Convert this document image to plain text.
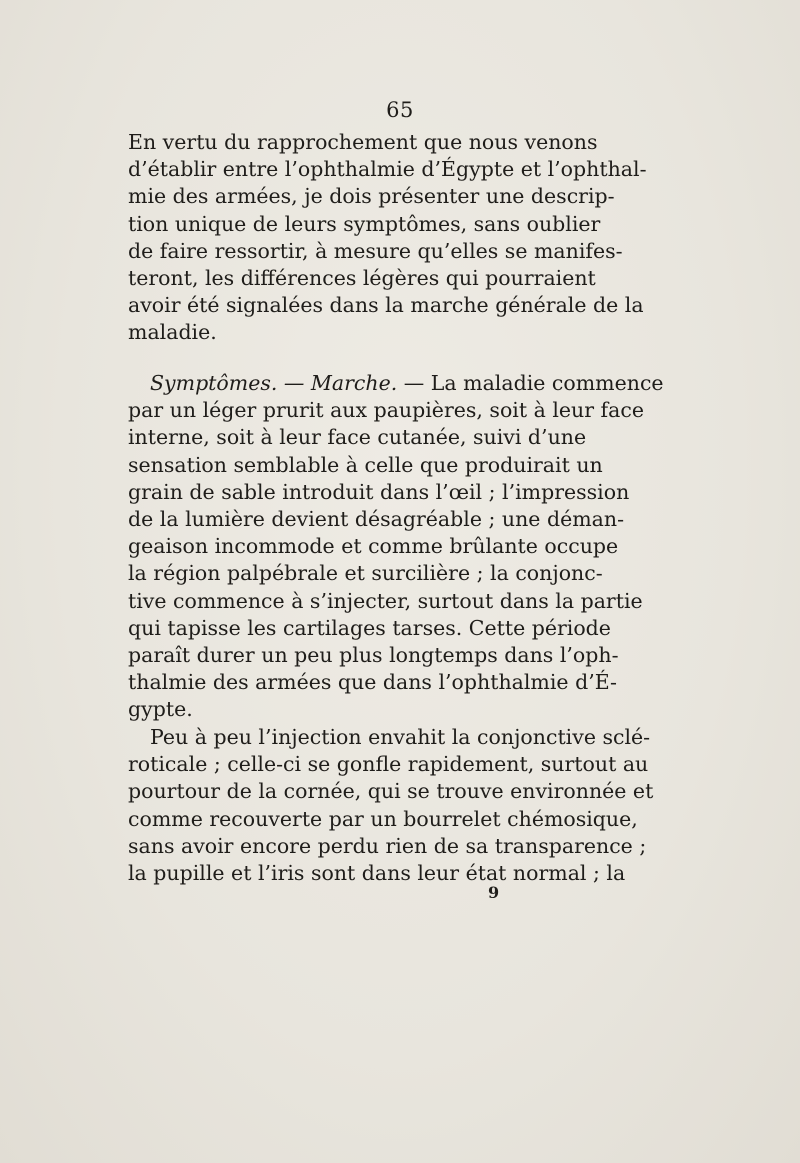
65
En vertu du rapprochement que nous venons
d’établir entre l’ophthalmie d’Égypte et l’ophthal-
mie des armées, je dois présenter une descrip-
tion unique de leurs symptômes, sans oublier
de faire ressortir, à mesure qu’elles se manifes-
teront, les différences légères qui pourraient
avoir été signalées dans la marche générale de la
maladie.
Symptômes. — Marche. — La maladie commence
par un léger prurit aux paupières, soit à leur face
interne, soit à leur face cutanée, suivi d’une
sensation semblable à celle que produirait un
grain de sable introduit dans l’œil ; l’impression
de la lumière devient désagréable ; une déman-
geaison incommode et comme brûlante occupe
la région palpébrale et surcilière ; la conjonc-
tive commence à s’injecter, surtout dans la partie
qui tapisse les cartilages tarses. Cette période
paraît durer un peu plus longtemps dans l’oph-
thalmie des armées que dans l’ophthalmie d’É-
gypte.
Peu à peu l’injection envahit la conjonctive sclé-
roticale ; celle-ci se gonfle rapidement, surtout au
pourtour de la cornée, qui se trouve environnée et
comme recouverte par un bourrelet chémosique,
sans avoir encore perdu rien de sa transparence ;
la pupille et l’iris sont dans leur état normal ; la
9
